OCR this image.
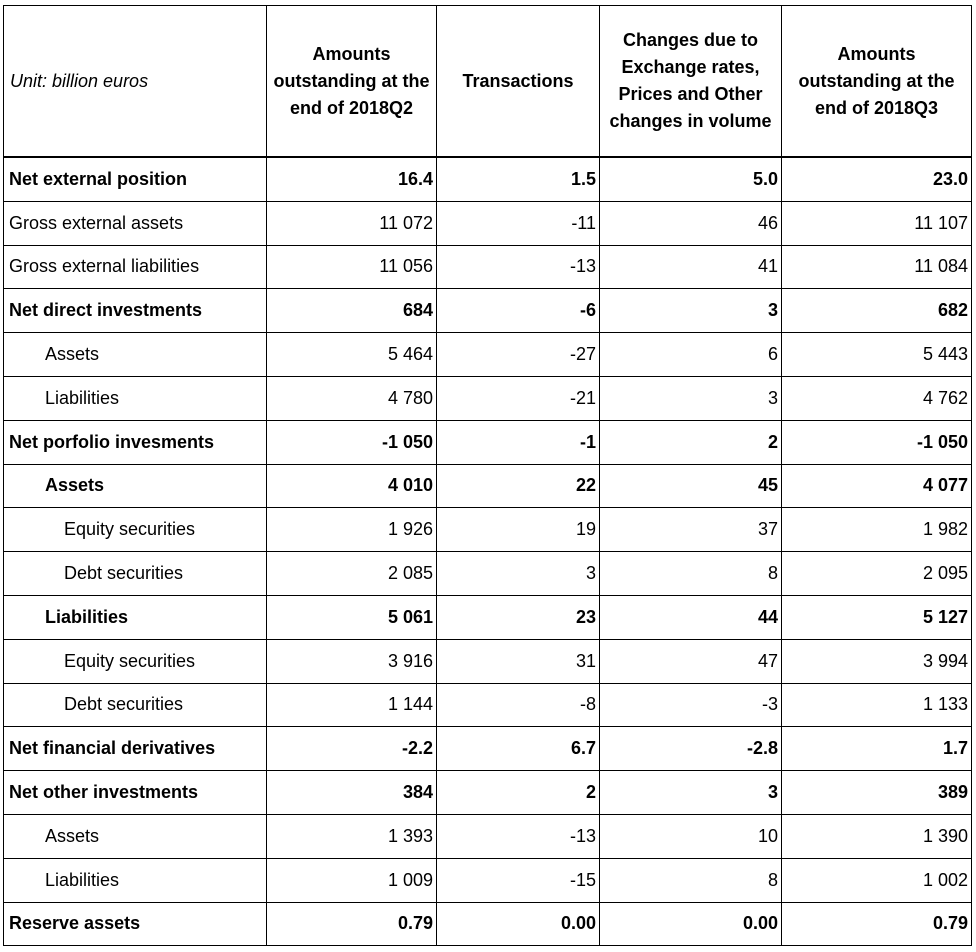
Unit: billion euros	Amounts outstanding at the end of 2018Q2	Transactions	Changes due to Exchange rates, Prices and Other changes in volume	Amounts outstanding at the end of 2018Q3
Net external position	16.4	1.5	5.0	23.0
Gross external assets	11 072	-11	46	11 107
Gross external liabilities	11 056	-13	41	11 084
Net direct investments	684	-6	3	682
Assets	5 464	-27	6	5 443
Liabilities	4 780	-21	3	4 762
Net porfolio invesments	-1 050	-1	2	-1 050
Assets	4 010	22	45	4 077
Equity securities	1 926	19	37	1 982
Debt securities	2 085	3	8	2 095
Liabilities	5 061	23	44	5 127
Equity securities	3 916	31	47	3 994
Debt securities	1 144	-8	-3	1 133
Net financial derivatives	-2.2	6.7	-2.8	1.7
Net other investments	384	2	3	389
Assets	1 393	-13	10	1 390
Liabilities	1 009	-15	8	1 002
Reserve assets	0.79	0.00	0.00	0.79
